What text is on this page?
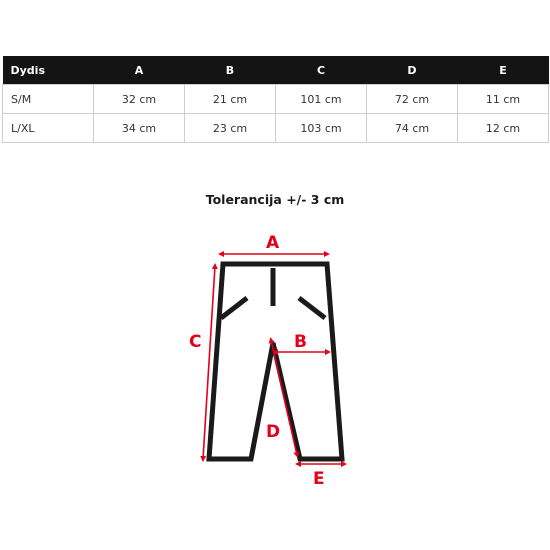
Dydis	A	B	C	D	E
S/M	32 cm	21 cm	101 cm	72 cm	11 cm
L/XL	34 cm	23 cm	103 cm	74 cm	12 cm
Tolerancija +/- 3 cm
A
B
C
D
E
